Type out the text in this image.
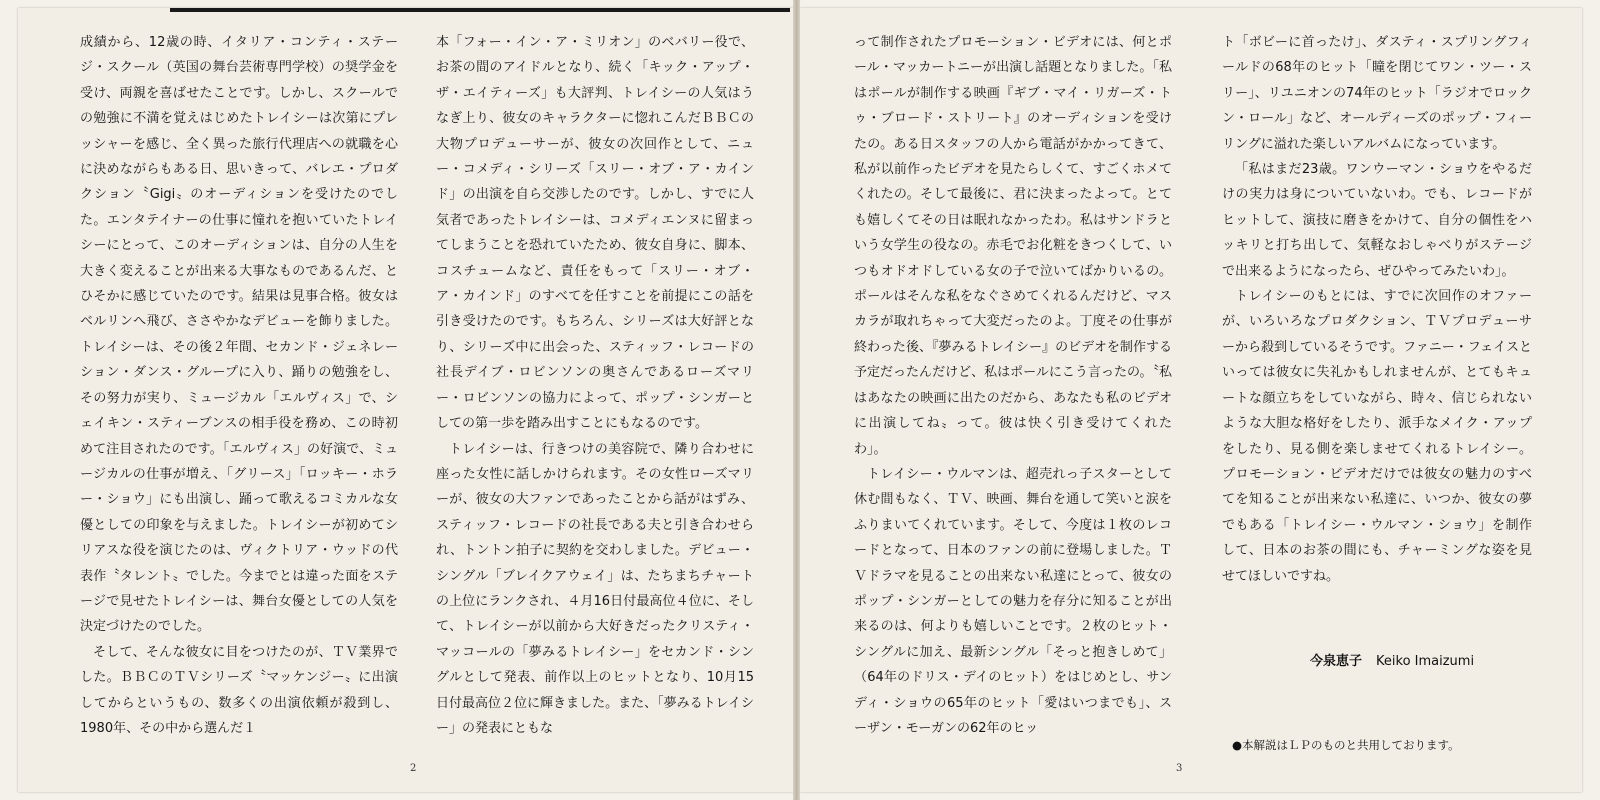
成績から、12歳の時、イタリア・コンティ・ステージ・スクール（英国の舞台芸術専門学校）の奨学金を受け、両親を喜ばせたことです。しかし、スクールでの勉強に不満を覚えはじめたトレイシーは次第にプレッシャーを感じ、全く異った旅行代理店への就職を心に決めながらもある日、思いきって、バレエ・プロダクション〝Gigi〟のオーディションを受けたのでした。エンタテイナーの仕事に憧れを抱いていたトレイシーにとって、このオーディションは、自分の人生を大きく変えることが出来る大事なものであるんだ、とひそかに感じていたのです。結果は見事合格。彼女はベルリンへ飛び、ささやかなデビューを飾りました。トレイシーは、その後２年間、セカンド・ジェネレーション・ダンス・グループに入り、踊りの勉強をし、その努力が実り、ミュージカル「エルヴィス」で、シェイキン・スティーブンスの相手役を務め、この時初めて注目されたのです。「エルヴィス」の好演で、ミュージカルの仕事が増え、「グリース」「ロッキー・ホラー・ショウ」にも出演し、踊って歌えるコミカルな女優としての印象を与えました。トレイシーが初めてシリアスな役を演じたのは、ヴィクトリア・ウッドの代表作〝タレント〟でした。今までとは違った面をステージで見せたトレイシーは、舞台女優としての人気を決定づけたのでした。

そして、そんな彼女に目をつけたのが、ＴＶ業界でした。ＢＢＣのＴＶシリーズ〝マッケンジー〟に出演してからというもの、数多くの出演依頼が殺到し、1980年、その中から選んだ１

本「フォー・イン・ア・ミリオン」のベバリー役で、お茶の間のアイドルとなり、続く「キック・アップ・ザ・エイティーズ」も大評判、トレイシーの人気はうなぎ上り、彼女のキャラクターに惚れこんだＢＢＣの大物プロデューサーが、彼女の次回作として、ニュー・コメディ・シリーズ「スリー・オブ・ア・カインド」の出演を自ら交渉したのです。しかし、すでに人気者であったトレイシーは、コメディエンヌに留まってしまうことを恐れていたため、彼女自身に、脚本、コスチュームなど、責任をもって「スリー・オブ・ア・カインド」のすべてを任すことを前提にこの話を引き受けたのです。もちろん、シリーズは大好評となり、シリーズ中に出会った、スティッフ・レコードの社長デイブ・ロビンソンの奥さんであるローズマリー・ロビンソンの協力によって、ポップ・シンガーとしての第一歩を踏み出すことにもなるのです。

トレイシーは、行きつけの美容院で、隣り合わせに座った女性に話しかけられます。その女性ローズマリーが、彼女の大ファンであったことから話がはずみ、スティッフ・レコードの社長である夫と引き合わせられ、トントン拍子に契約を交わしました。デビュー・シングル「ブレイクアウェイ」は、たちまちチャートの上位にランクされ、４月16日付最高位４位に、そして、トレイシーが以前から大好きだったクリスティ・マッコールの「夢みるトレイシー」をセカンド・シングルとして発表、前作以上のヒットとなり、10月15日付最高位２位に輝きました。また、「夢みるトレイシー」の発表にともな

って制作されたプロモーション・ビデオには、何とポール・マッカートニーが出演し話題となりました。「私はポールが制作する映画『ギブ・マイ・リガーズ・トゥ・ブロード・ストリート』のオーディションを受けたの。ある日スタッフの人から電話がかかってきて、私が以前作ったビデオを見たらしくて、すごくホメてくれたの。そして最後に、君に決まったよって。とても嬉しくてその日は眠れなかったわ。私はサンドラという女学生の役なの。赤毛でお化粧をきつくして、いつもオドオドしている女の子で泣いてばかりいるの。ポールはそんな私をなぐさめてくれるんだけど、マスカラが取れちゃって大変だったのよ。丁度その仕事が終わった後、『夢みるトレイシー』のビデオを制作する予定だったんだけど、私はポールにこう言ったの。〝私はあなたの映画に出たのだから、あなたも私のビデオに出演してね〟って。彼は快く引き受けてくれたわ」。

トレイシー・ウルマンは、超売れっ子スターとして休む間もなく、ＴＶ、映画、舞台を通して笑いと涙をふりまいてくれています。そして、今度は１枚のレコードとなって、日本のファンの前に登場しました。ＴＶドラマを見ることの出来ない私達にとって、彼女のポップ・シンガーとしての魅力を存分に知ることが出来るのは、何よりも嬉しいことです。２枚のヒット・シングルに加え、最新シングル「そっと抱きしめて」（64年のドリス・デイのヒット）をはじめとし、サンディ・ショウの65年のヒット「愛はいつまでも」、スーザン・モーガンの62年のヒッ

ト「ボビーに首ったけ」、ダスティ・スプリングフィールドの68年のヒット「瞳を閉じてワン・ツー・スリー」、リユニオンの74年のヒット「ラジオでロックン・ロール」など、オールディーズのポップ・フィーリングに溢れた楽しいアルバムになっています。

「私はまだ23歳。ワンウーマン・ショウをやるだけの実力は身についていないわ。でも、レコードがヒットして、演技に磨きをかけて、自分の個性をハッキリと打ち出して、気軽なおしゃべりがステージで出来るようになったら、ぜひやってみたいわ」。

トレイシーのもとには、すでに次回作のオファーが、いろいろなプロダクション、ＴＶプロデューサーから殺到しているそうです。ファニー・フェイスといっては彼女に失礼かもしれませんが、とてもキュートな顔立ちをしていながら、時々、信じられないような大胆な格好をしたり、派手なメイク・アップをしたり、見る側を楽しませてくれるトレイシー。プロモーション・ビデオだけでは彼女の魅力のすべてを知ることが出来ない私達に、いつか、彼女の夢でもある「トレイシー・ウルマン・ショウ」を制作して、日本のお茶の間にも、チャーミングな姿を見せてほしいですね。

今泉恵子 Keiko Imaizumi
●本解説はＬＰのものと共用しております。
2	3
